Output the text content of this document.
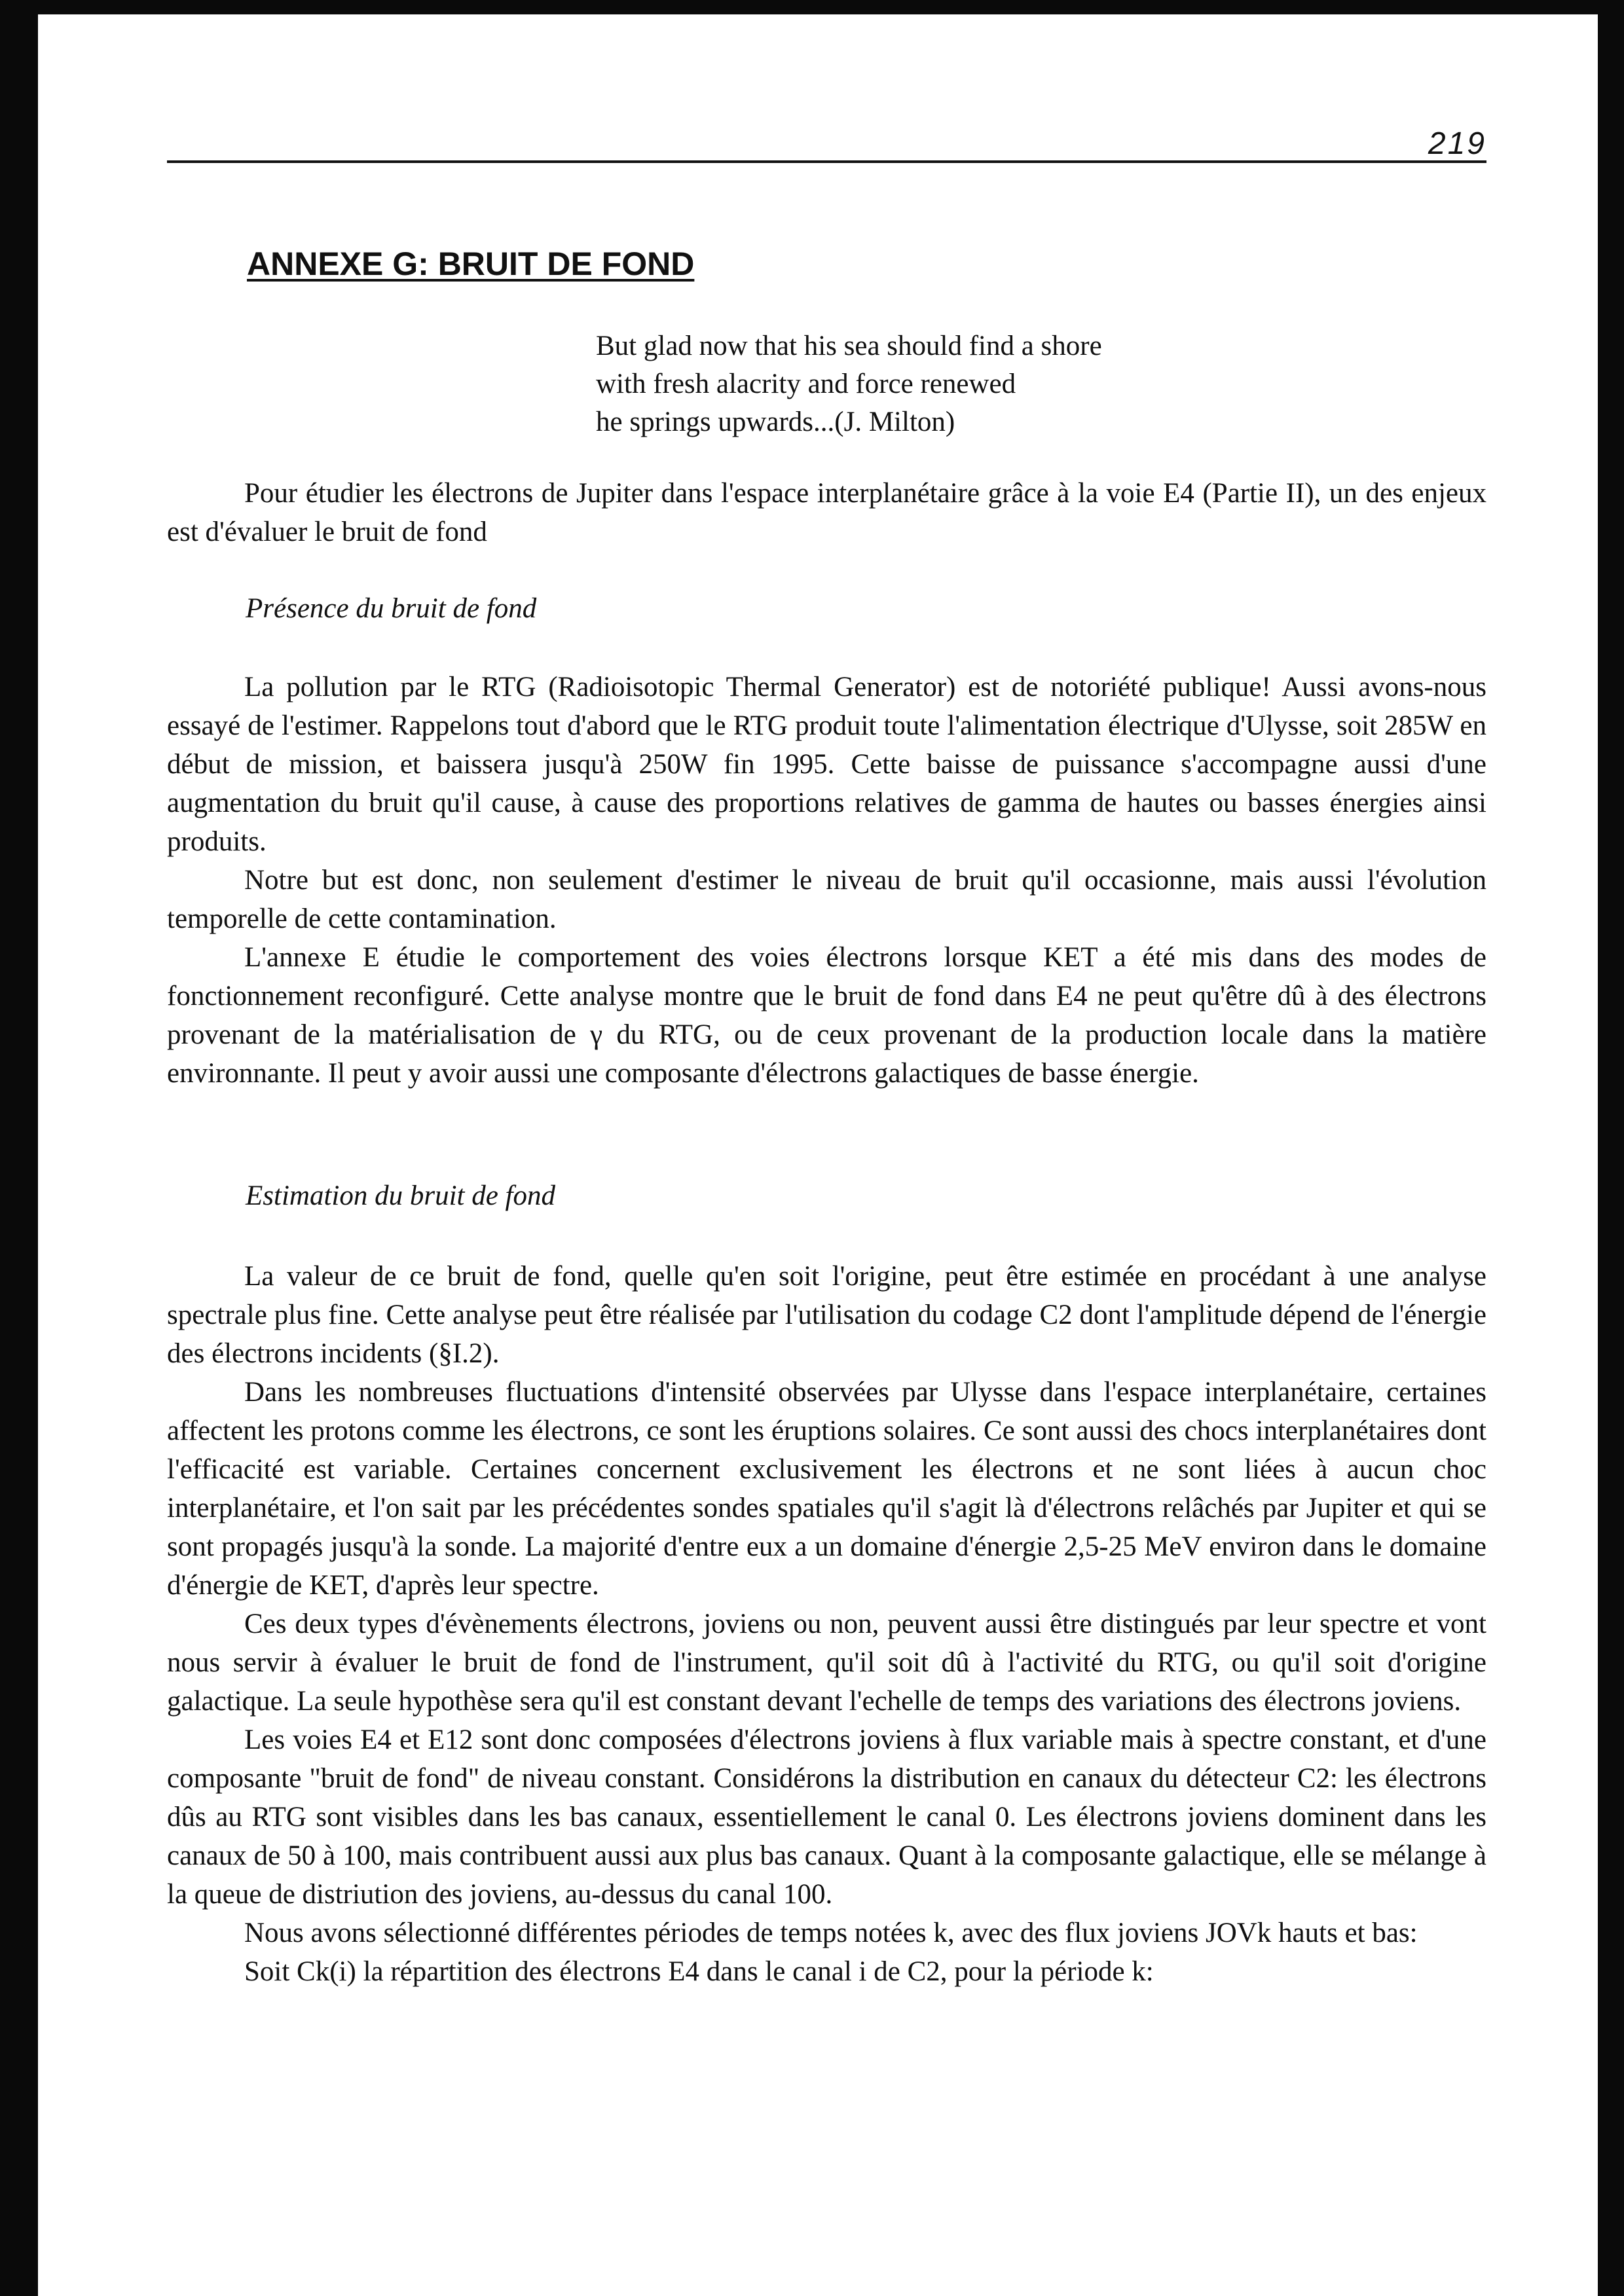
219
ANNEXE G: BRUIT DE FOND
But glad now that his sea should find a shore
with fresh alacrity and force renewed
he springs upwards...(J. Milton)

Pour étudier les électrons de Jupiter dans l'espace interplanétaire grâce à la voie E4 (Partie II), un des enjeux est d'évaluer le bruit de fond

Présence du bruit de fond

La pollution par le RTG (Radioisotopic Thermal Generator) est de notoriété publique! Aussi avons-nous essayé de l'estimer. Rappelons tout d'abord que le RTG produit toute l'alimentation électrique d'Ulysse, soit 285W en début de mission, et baissera jusqu'à 250W fin 1995. Cette baisse de puissance s'accompagne aussi d'une augmentation du bruit qu'il cause, à cause des proportions relatives de gamma de hautes ou basses énergies ainsi produits.

Notre but est donc, non seulement d'estimer le niveau de bruit qu'il occasionne, mais aussi l'évolution temporelle de cette contamination.

L'annexe E étudie le comportement des voies électrons lorsque KET a été mis dans des modes de fonctionnement reconfiguré. Cette analyse montre que le bruit de fond dans E4 ne peut qu'être dû à des électrons provenant de la matérialisation de γ du RTG, ou de ceux provenant de la production locale dans la matière environnante. Il peut y avoir aussi une composante d'électrons galactiques de basse énergie.

Estimation du bruit de fond

La valeur de ce bruit de fond, quelle qu'en soit l'origine, peut être estimée en procédant à une analyse spectrale plus fine. Cette analyse peut être réalisée par l'utilisation du codage C2 dont l'amplitude dépend de l'énergie des électrons incidents (§I.2).

Dans les nombreuses fluctuations d'intensité observées par Ulysse dans l'espace interplanétaire, certaines affectent les protons comme les électrons, ce sont les éruptions solaires. Ce sont aussi des chocs interplanétaires dont l'efficacité est variable. Certaines concernent exclusivement les électrons et ne sont liées à aucun choc interplanétaire, et l'on sait par les précédentes sondes spatiales qu'il s'agit là d'électrons relâchés par Jupiter et qui se sont propagés jusqu'à la sonde. La majorité d'entre eux a un domaine d'énergie 2,5-25 MeV environ dans le domaine d'énergie de KET, d'après leur spectre.

Ces deux types d'évènements électrons, joviens ou non, peuvent aussi être distingués par leur spectre et vont nous servir à évaluer le bruit de fond de l'instrument, qu'il soit dû à l'activité du RTG, ou qu'il soit d'origine galactique. La seule hypothèse sera qu'il est constant devant l'echelle de temps des variations des électrons joviens.

Les voies E4 et E12 sont donc composées d'électrons joviens à flux variable mais à spectre constant, et d'une composante "bruit de fond" de niveau constant. Considérons la distribution en canaux du détecteur C2: les électrons dûs au RTG sont visibles dans les bas canaux, essentiellement le canal 0. Les électrons joviens dominent dans les canaux de 50 à 100, mais contribuent aussi aux plus bas canaux. Quant à la composante galactique, elle se mélange à la queue de distriution des joviens, au-dessus du canal 100.

Nous avons sélectionné différentes périodes de temps notées k, avec des flux joviens JOVk hauts et bas:

Soit Ck(i) la répartition des électrons E4 dans le canal i de C2, pour la période k:
